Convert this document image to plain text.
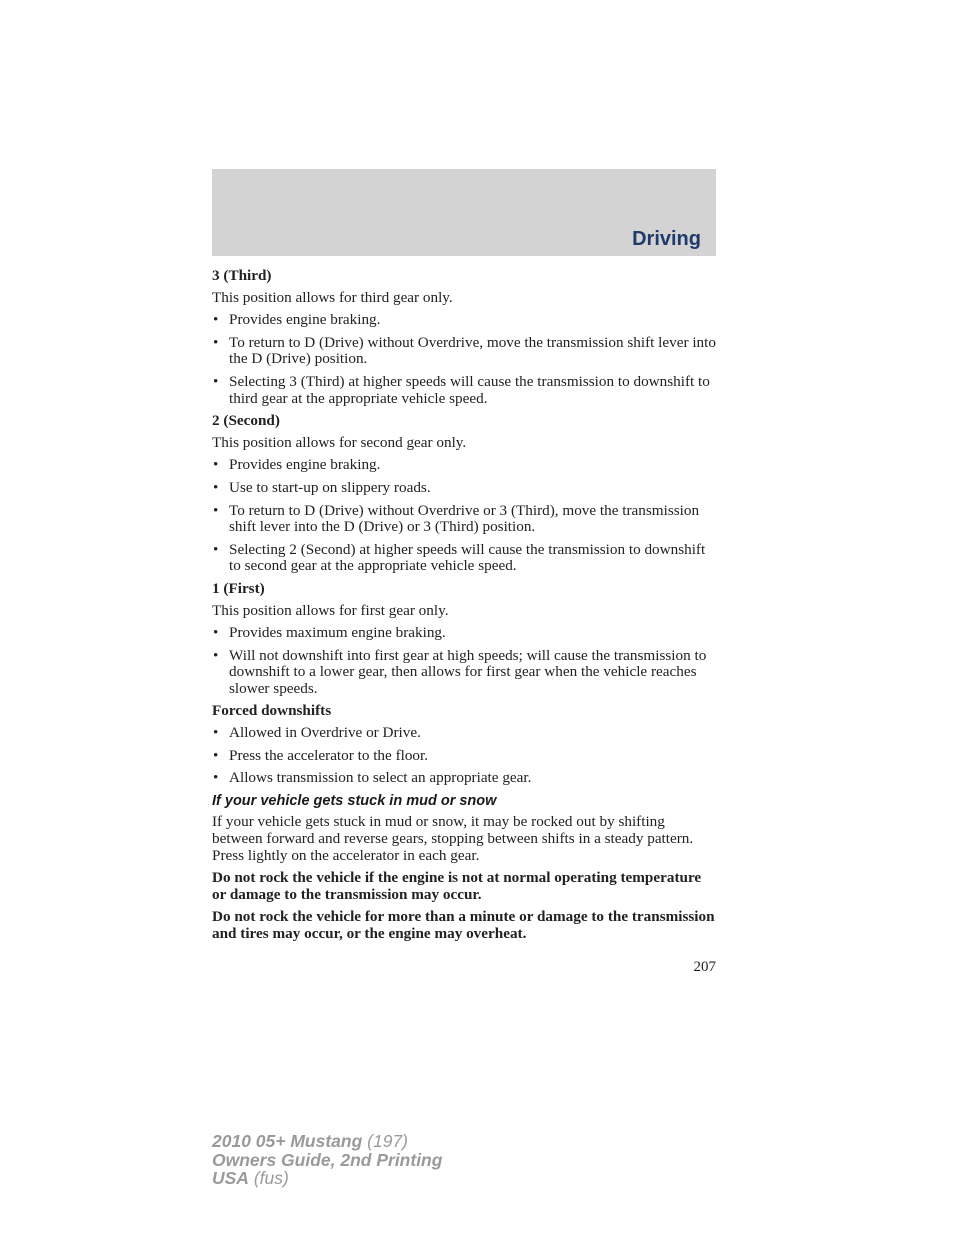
Driving
3 (Third)

This position allows for third gear only.

• Provides engine braking.
• To return to D (Drive) without Overdrive, move the transmission shift lever into the D (Drive) position.
• Selecting 3 (Third) at higher speeds will cause the transmission to downshift to third gear at the appropriate vehicle speed.
2 (Second)

This position allows for second gear only.

• Provides engine braking.
• Use to start-up on slippery roads.
• To return to D (Drive) without Overdrive or 3 (Third), move the transmission shift lever into the D (Drive) or 3 (Third) position.
• Selecting 2 (Second) at higher speeds will cause the transmission to downshift to second gear at the appropriate vehicle speed.
1 (First)

This position allows for first gear only.

• Provides maximum engine braking.
• Will not downshift into first gear at high speeds; will cause the transmission to downshift to a lower gear, then allows for first gear when the vehicle reaches slower speeds.
Forced downshifts
• Allowed in Overdrive or Drive.
• Press the accelerator to the floor.
• Allows transmission to select an appropriate gear.
If your vehicle gets stuck in mud or snow

If your vehicle gets stuck in mud or snow, it may be rocked out by shifting between forward and reverse gears, stopping between shifts in a steady pattern. Press lightly on the accelerator in each gear.

Do not rock the vehicle if the engine is not at normal operating temperature or damage to the transmission may occur.

Do not rock the vehicle for more than a minute or damage to the transmission and tires may occur, or the engine may overheat.

207
2010 05+ Mustang (197)
Owners Guide, 2nd Printing
USA (fus)
